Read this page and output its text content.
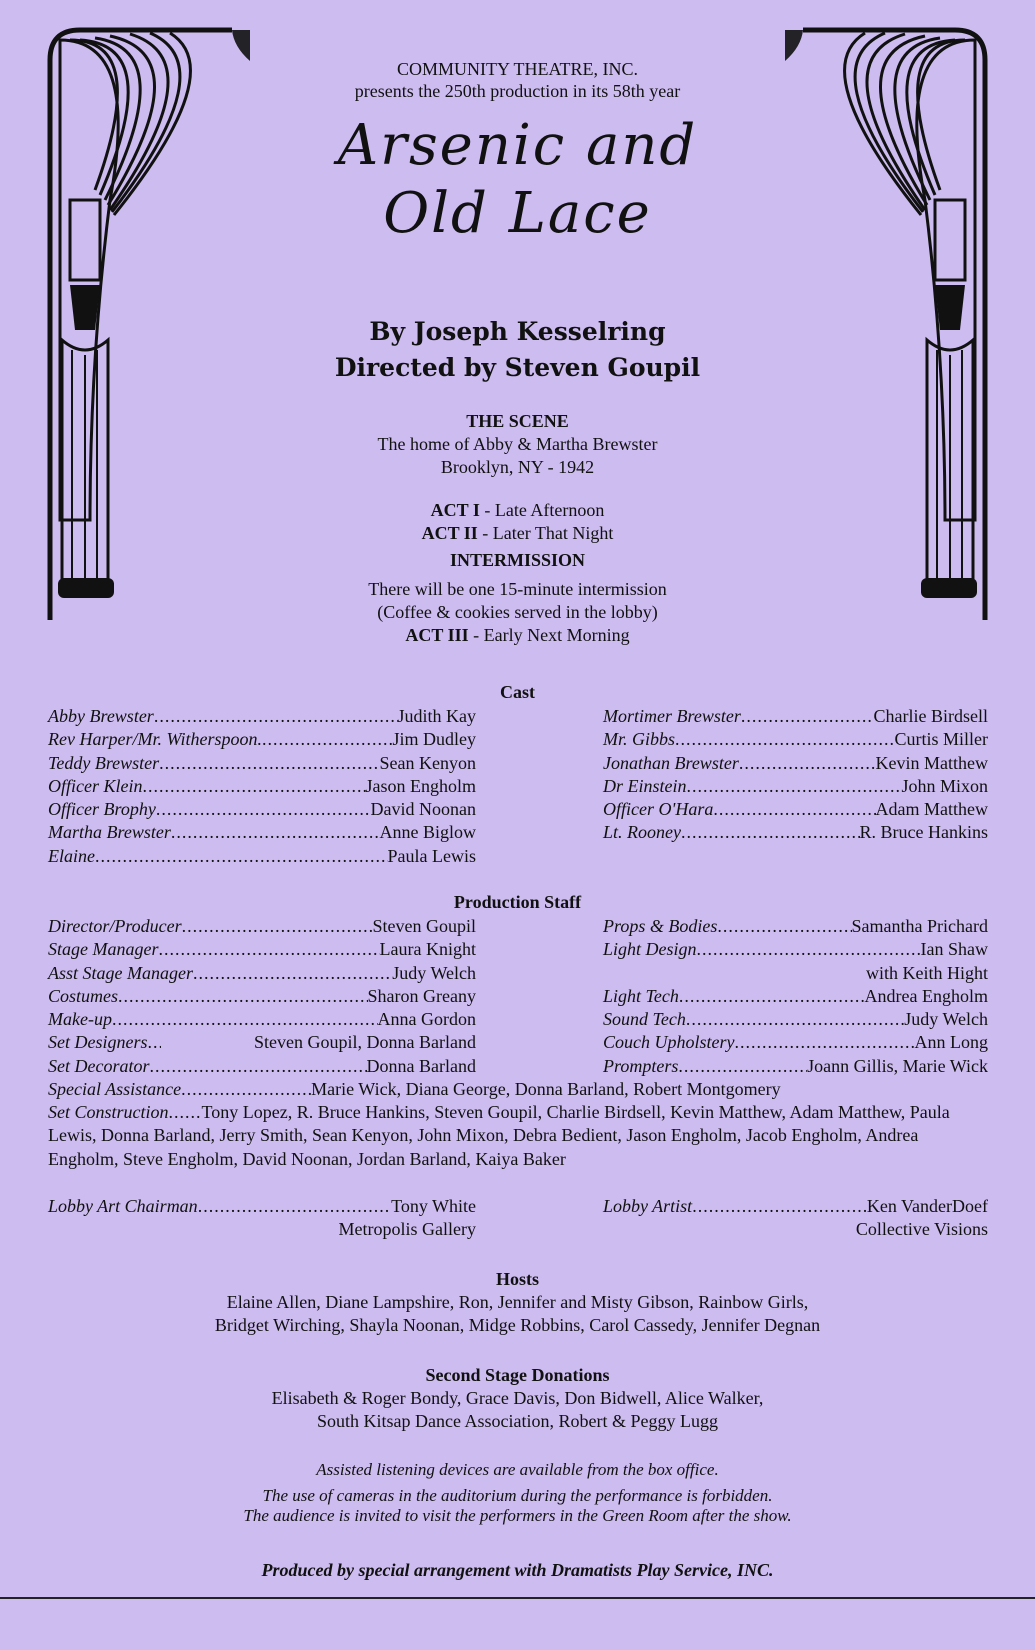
COMMUNITY THEATRE, INC.
presents the 250th production in its 58th year
Arsenic and
Old Lace
By Joseph Kesselring
Directed by Steven Goupil
THE SCENE
The home of Abby & Martha Brewster
Brooklyn, NY - 1942
ACT I - Late Afternoon
ACT II - Later That Night
INTERMISSION
There will be one 15-minute intermission
(Coffee & cookies served in the lobby)
ACT III - Early Next Morning
Cast
Abby Brewster .....	Judith Kay
Rev Harper/Mr. Witherspoon. .....	Jim Dudley
Teddy Brewster .....	Sean Kenyon
Officer Klein .....	Jason Engholm
Officer Brophy .....	David Noonan
Martha Brewster .....	Anne Biglow
Elaine .....	Paula Lewis
Mortimer Brewster .....	Charlie Birdsell
Mr. Gibbs .....	Curtis Miller
Jonathan Brewster .....	Kevin Matthew
Dr Einstein .....	John Mixon
Officer O'Hara .....	Adam Matthew
Lt. Rooney .....	R. Bruce Hankins
Production Staff
Director/Producer .....	Steven Goupil
Stage Manager .....	Laura Knight
Asst Stage Manager .....	Judy Welch
Costumes .....	Sharon Greany
Make-up .....	Anna Gordon
Set Designers .....	Steven Goupil, Donna Barland
Set Decorator .....	Donna Barland
Props & Bodies .....	Samantha Prichard
Light Design .....	Ian Shaw
with Keith Hight
Light Tech .....	Andrea Engholm
Sound Tech .....	Judy Welch
Couch Upholstery .....	Ann Long
Prompters .....	Joann Gillis, Marie Wick
Special Assistance .....	Marie Wick, Diana George, Donna Barland, Robert Montgomery
Set Construction......Tony Lopez, R. Bruce Hankins, Steven Goupil, Charlie Birdsell, Kevin Matthew, Adam Matthew, Paula Lewis, Donna Barland, Jerry Smith, Sean Kenyon, John Mixon, Debra Bedient, Jason Engholm, Jacob Engholm, Andrea Engholm, Steve Engholm, David Noonan, Jordan Barland, Kaiya Baker
Lobby Art Chairman .....	Tony White
Metropolis Gallery
Lobby Artist .....	Ken VanderDoef
Collective Visions
Hosts
Elaine Allen, Diane Lampshire, Ron, Jennifer and Misty Gibson, Rainbow Girls,
Bridget Wirching, Shayla Noonan, Midge Robbins, Carol Cassedy, Jennifer Degnan
Second Stage Donations
Elisabeth & Roger Bondy, Grace Davis, Don Bidwell, Alice Walker,
South Kitsap Dance Association, Robert & Peggy Lugg
Assisted listening devices are available from the box office.
The use of cameras in the auditorium during the performance is forbidden.
The audience is invited to visit the performers in the Green Room after the show.
Produced by special arrangement with Dramatists Play Service, INC.
